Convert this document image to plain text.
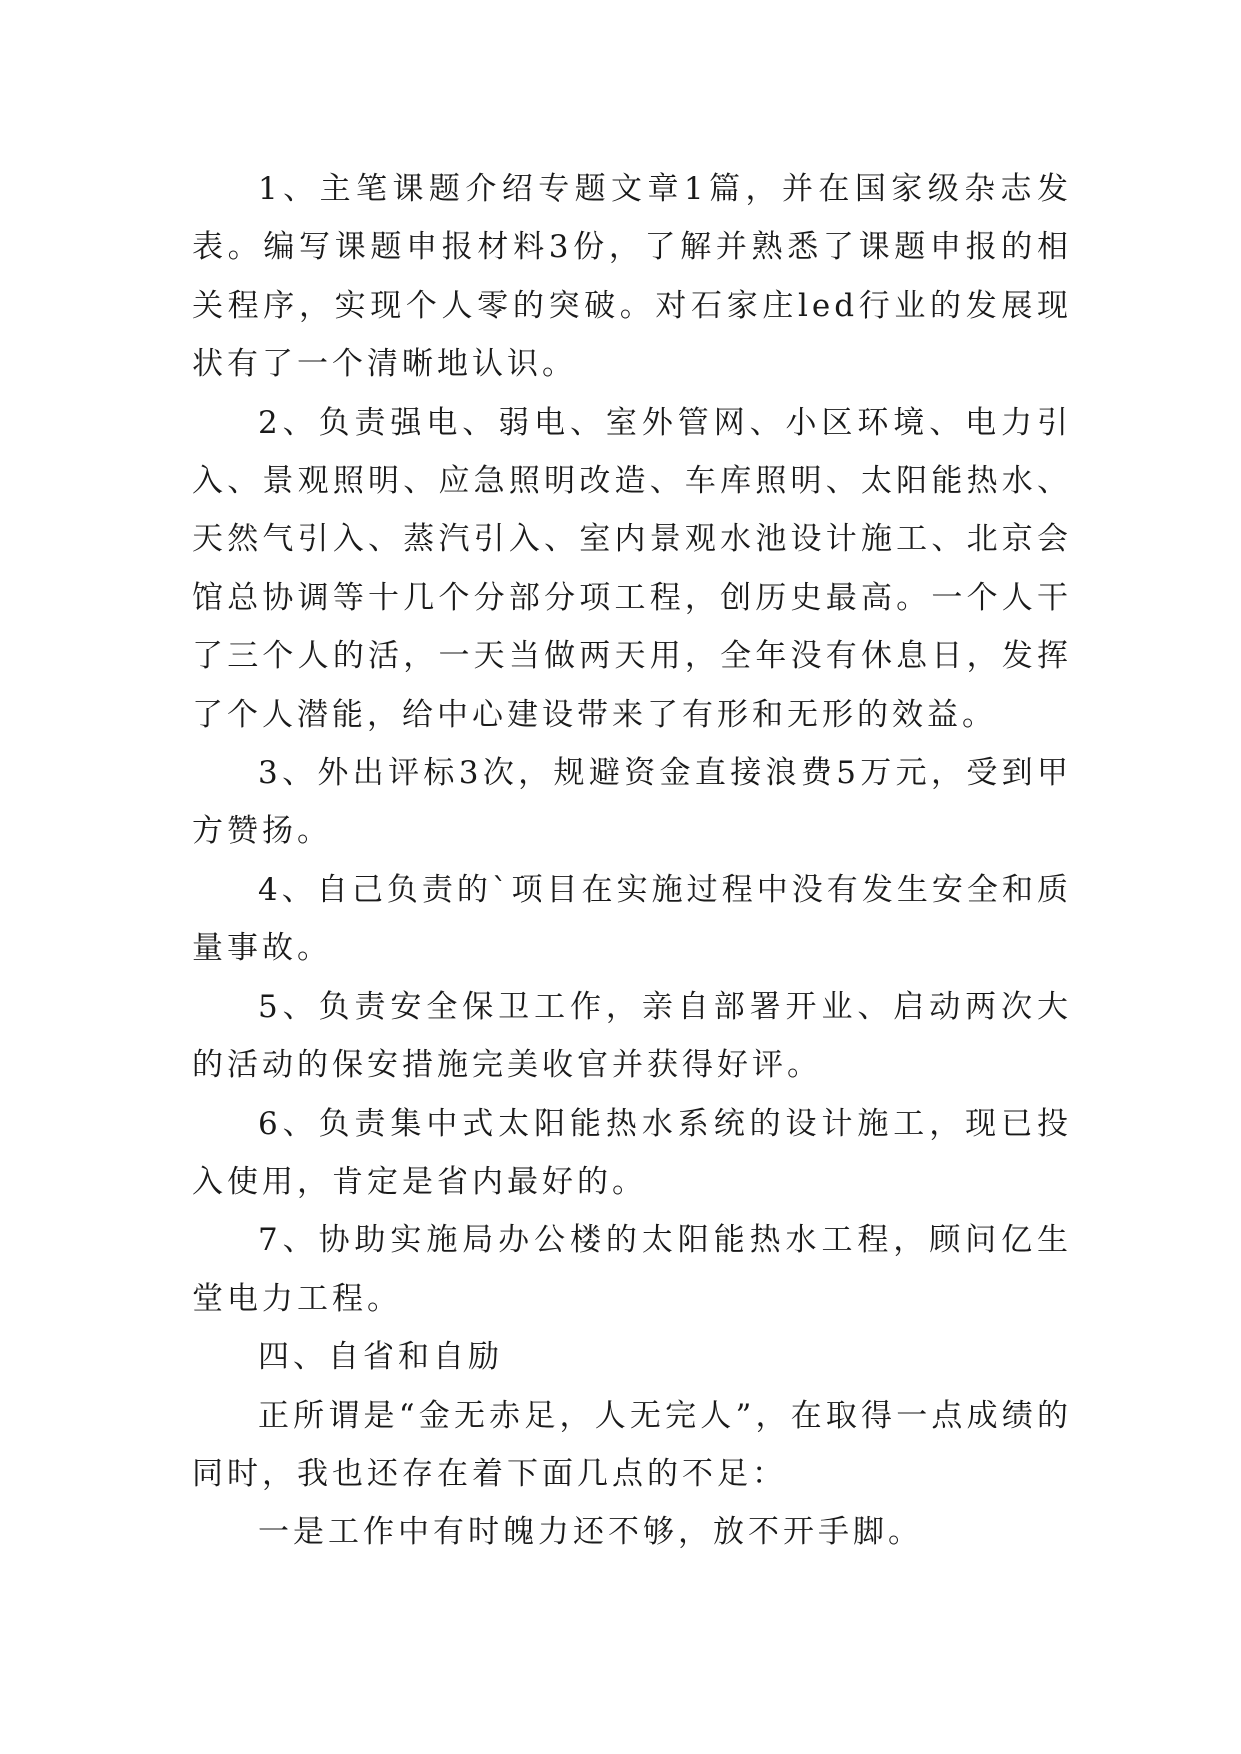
1、主笔课题介绍专题文章1篇，并在国家级杂志发表。编写课题申报材料3份，了解并熟悉了课题申报的相关程序，实现个人零的突破。对石家庄led行业的发展现状有了一个清晰地认识。

2、负责强电、弱电、室外管网、小区环境、电力引入、景观照明、应急照明改造、车库照明、太阳能热水、天然气引入、蒸汽引入、室内景观水池设计施工、北京会馆总协调等十几个分部分项工程，创历史最高。一个人干了三个人的活，一天当做两天用，全年没有休息日，发挥了个人潜能，给中心建设带来了有形和无形的效益。

3、外出评标3次，规避资金直接浪费5万元，受到甲方赞扬。

4、自己负责的`项目在实施过程中没有发生安全和质量事故。

5、负责安全保卫工作，亲自部署开业、启动两次大的活动的保安措施完美收官并获得好评。

6、负责集中式太阳能热水系统的设计施工，现已投入使用，肯定是省内最好的。

7、协助实施局办公楼的太阳能热水工程，顾问亿生堂电力工程。

四、自省和自励

正所谓是“金无赤足，人无完人”，在取得一点成绩的同时，我也还存在着下面几点的不足：

一是工作中有时魄力还不够，放不开手脚。
